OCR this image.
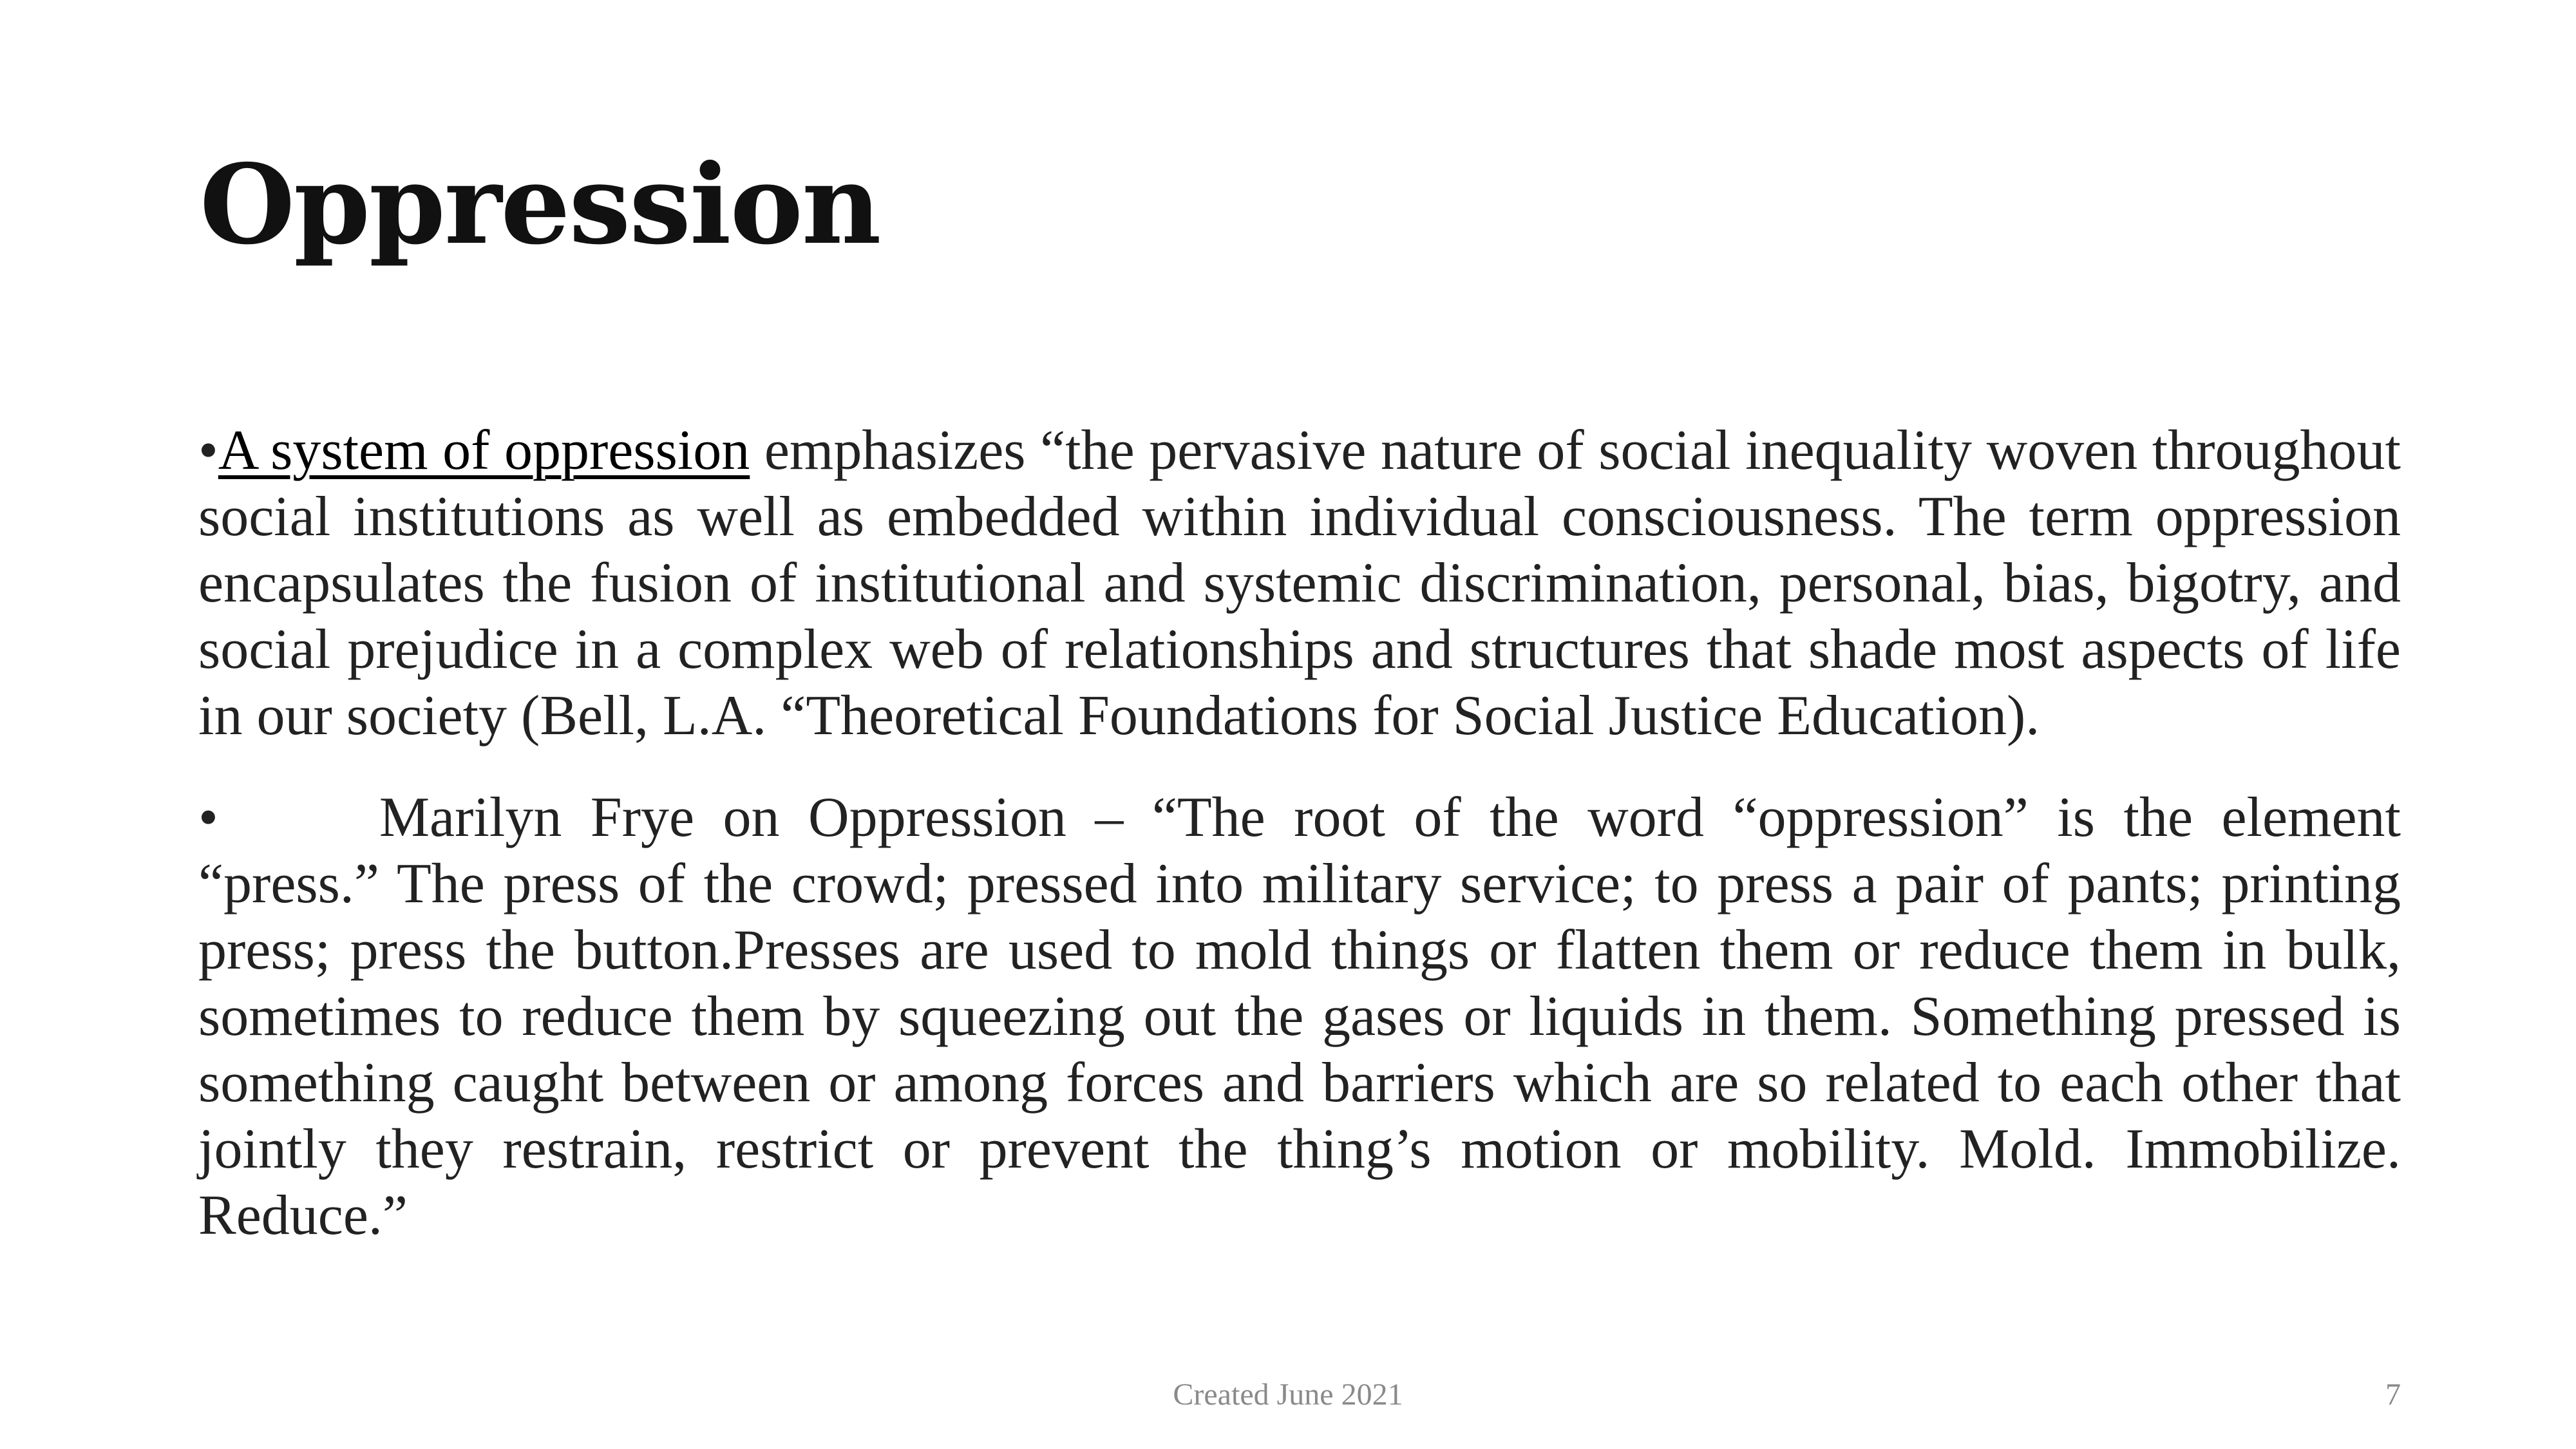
Oppression

•A system of oppression emphasizes “the pervasive nature of social inequality woven throughout social institutions as well as embedded within individual consciousness. The term oppression encapsulates the fusion of institutional and systemic discrimination, personal, bias, bigotry, and social prejudice in a complex web of relationships and structures that shade most aspects of life in our society (Bell, L.A. “Theoretical Foundations for Social Justice Education).

•	Marilyn Frye on Oppression – “The root of the word “oppression” is the element “press.” The press of the crowd; pressed into military service; to press a pair of pants; printing press; press the button.Presses are used to mold things or flatten them or reduce them in bulk, sometimes to reduce them by squeezing out the gases or liquids in them. Something pressed is something caught between or among forces and barriers which are so related to each other that jointly they restrain, restrict or prevent the thing’s motion or mobility. Mold. Immobilize. Reduce.”

Created June 2021	7
